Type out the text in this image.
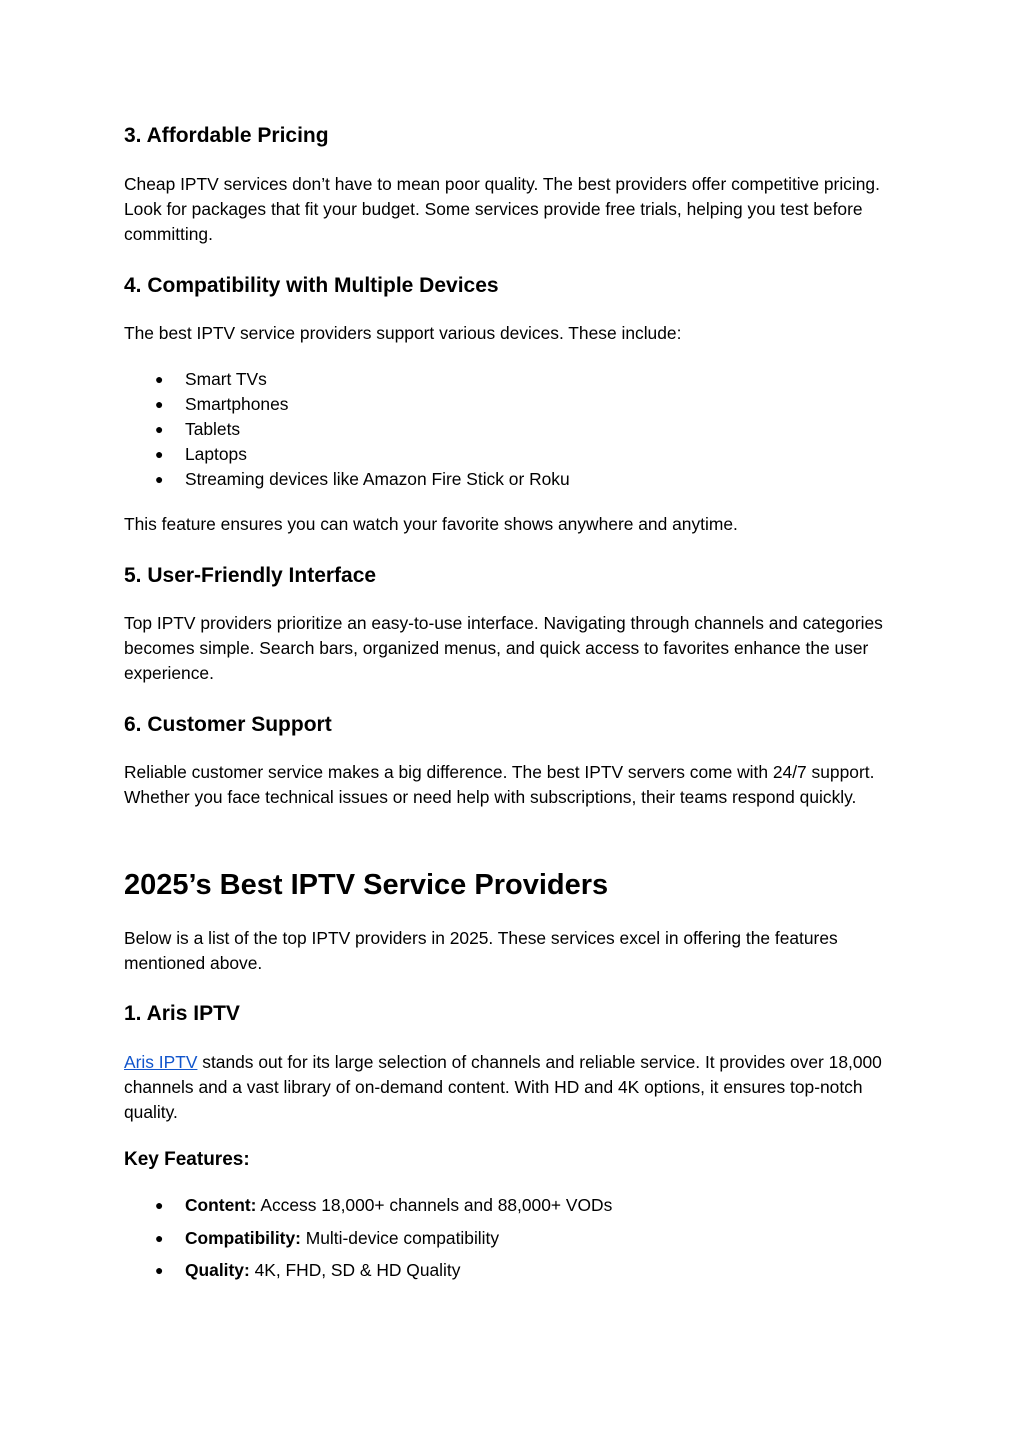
3. Affordable Pricing

Cheap IPTV services don’t have to mean poor quality. The best providers offer competitive pricing. Look for packages that fit your budget. Some services provide free trials, helping you test before committing.

4. Compatibility with Multiple Devices

The best IPTV service providers support various devices. These include:

● Smart TVs
● Smartphones
● Tablets
● Laptops
● Streaming devices like Amazon Fire Stick or Roku

This feature ensures you can watch your favorite shows anywhere and anytime.

5. User-Friendly Interface

Top IPTV providers prioritize an easy-to-use interface. Navigating through channels and categories becomes simple. Search bars, organized menus, and quick access to favorites enhance the user experience.

6. Customer Support

Reliable customer service makes a big difference. The best IPTV servers come with 24/7 support. Whether you face technical issues or need help with subscriptions, their teams respond quickly.

2025’s Best IPTV Service Providers

Below is a list of the top IPTV providers in 2025. These services excel in offering the features mentioned above.

1. Aris IPTV

Aris IPTV stands out for its large selection of channels and reliable service. It provides over 18,000 channels and a vast library of on-demand content. With HD and 4K options, it ensures top-notch quality.

Key Features:

● Content: Access 18,000+ channels and 88,000+ VODs
● Compatibility: Multi-device compatibility
● Quality: 4K, FHD, SD & HD Quality
